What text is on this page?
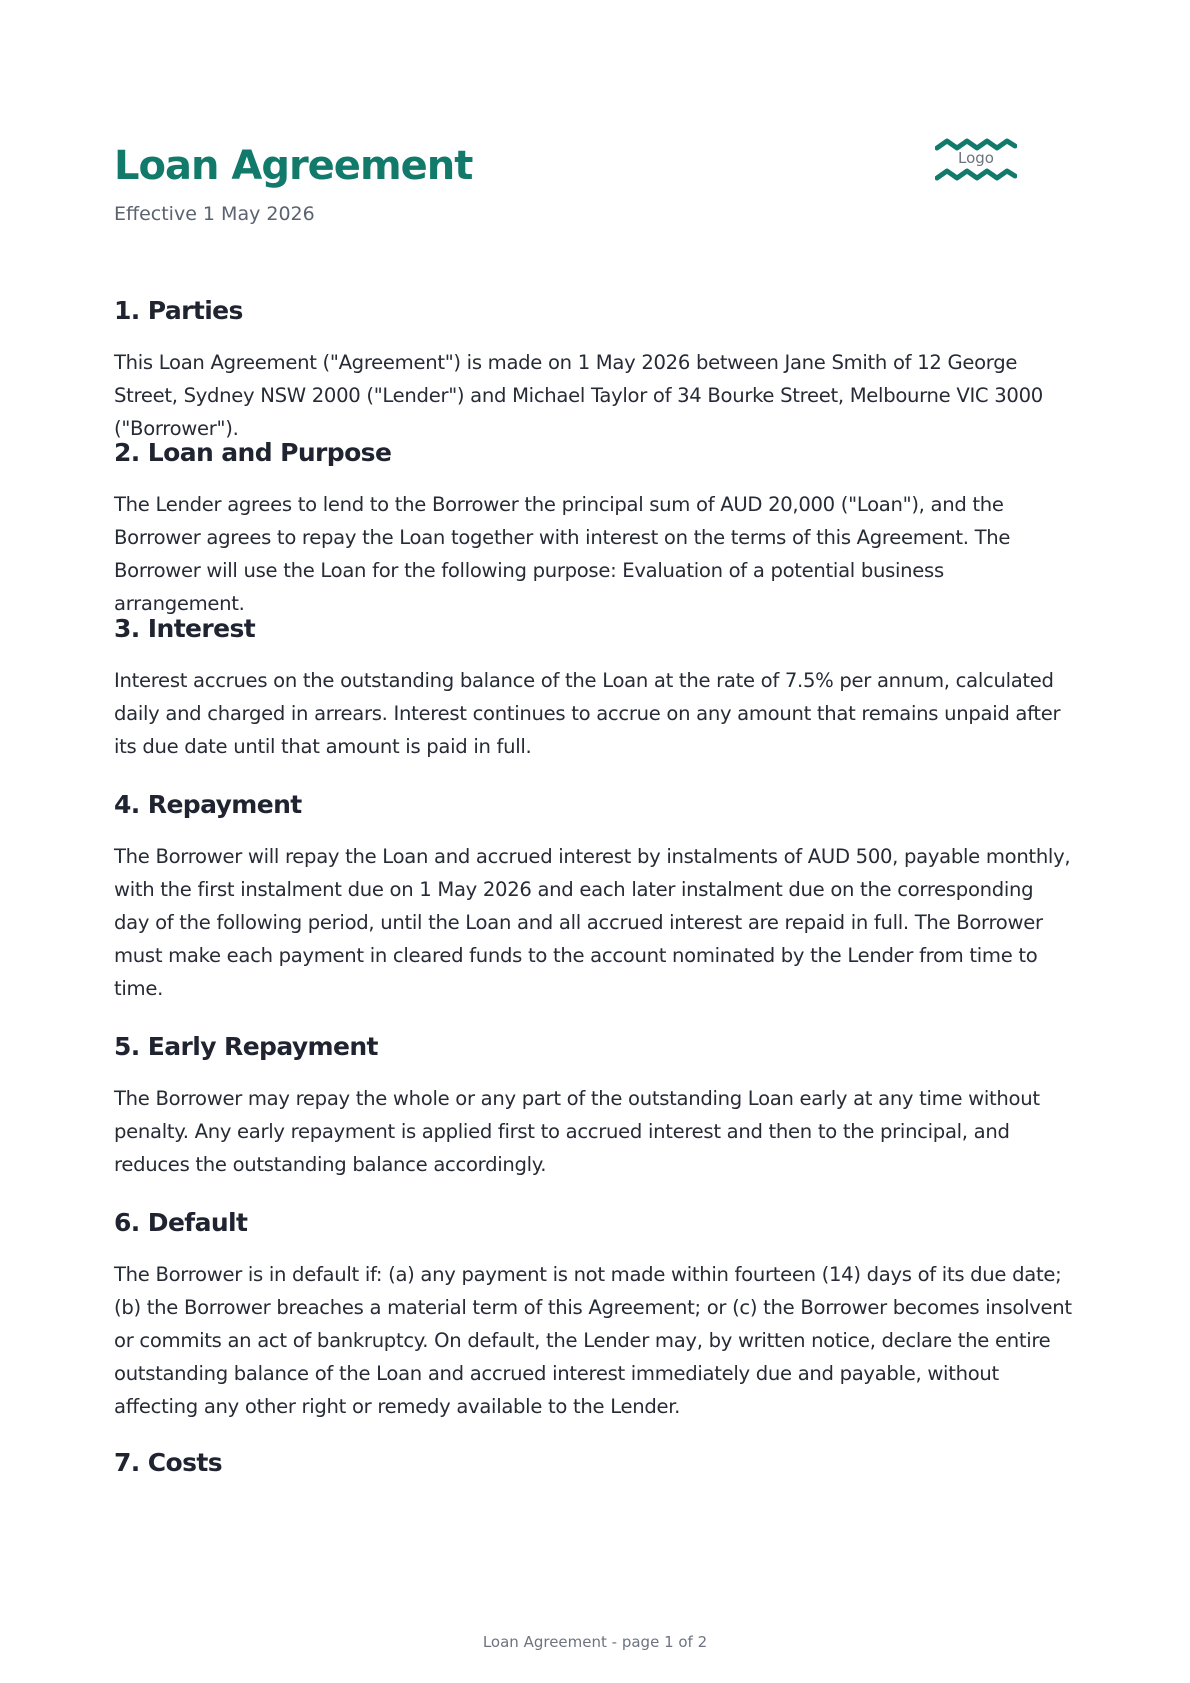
Loan Agreement
Effective 1 May 2026
Logo
1. Parties

This Loan Agreement ("Agreement") is made on 1 May 2026 between Jane Smith of 12 George Street, Sydney NSW 2000 ("Lender") and Michael Taylor of 34 Bourke Street, Melbourne VIC 3000 ("Borrower").

2. Loan and Purpose

The Lender agrees to lend to the Borrower the principal sum of AUD 20,000 ("Loan"), and the Borrower agrees to repay the Loan together with interest on the terms of this Agreement. The Borrower will use the Loan for the following purpose: Evaluation of a potential business arrangement.

3. Interest

Interest accrues on the outstanding balance of the Loan at the rate of 7.5% per annum, calculated daily and charged in arrears. Interest continues to accrue on any amount that remains unpaid after its due date until that amount is paid in full.

4. Repayment

The Borrower will repay the Loan and accrued interest by instalments of AUD 500, payable monthly, with the first instalment due on 1 May 2026 and each later instalment due on the corresponding day of the following period, until the Loan and all accrued interest are repaid in full. The Borrower must make each payment in cleared funds to the account nominated by the Lender from time to time.

5. Early Repayment

The Borrower may repay the whole or any part of the outstanding Loan early at any time without penalty. Any early repayment is applied first to accrued interest and then to the principal, and reduces the outstanding balance accordingly.

6. Default

The Borrower is in default if: (a) any payment is not made within fourteen (14) days of its due date; (b) the Borrower breaches a material term of this Agreement; or (c) the Borrower becomes insolvent or commits an act of bankruptcy. On default, the Lender may, by written notice, declare the entire outstanding balance of the Loan and accrued interest immediately due and payable, without affecting any other right or remedy available to the Lender.

7. Costs
Loan Agreement - page 1 of 2
